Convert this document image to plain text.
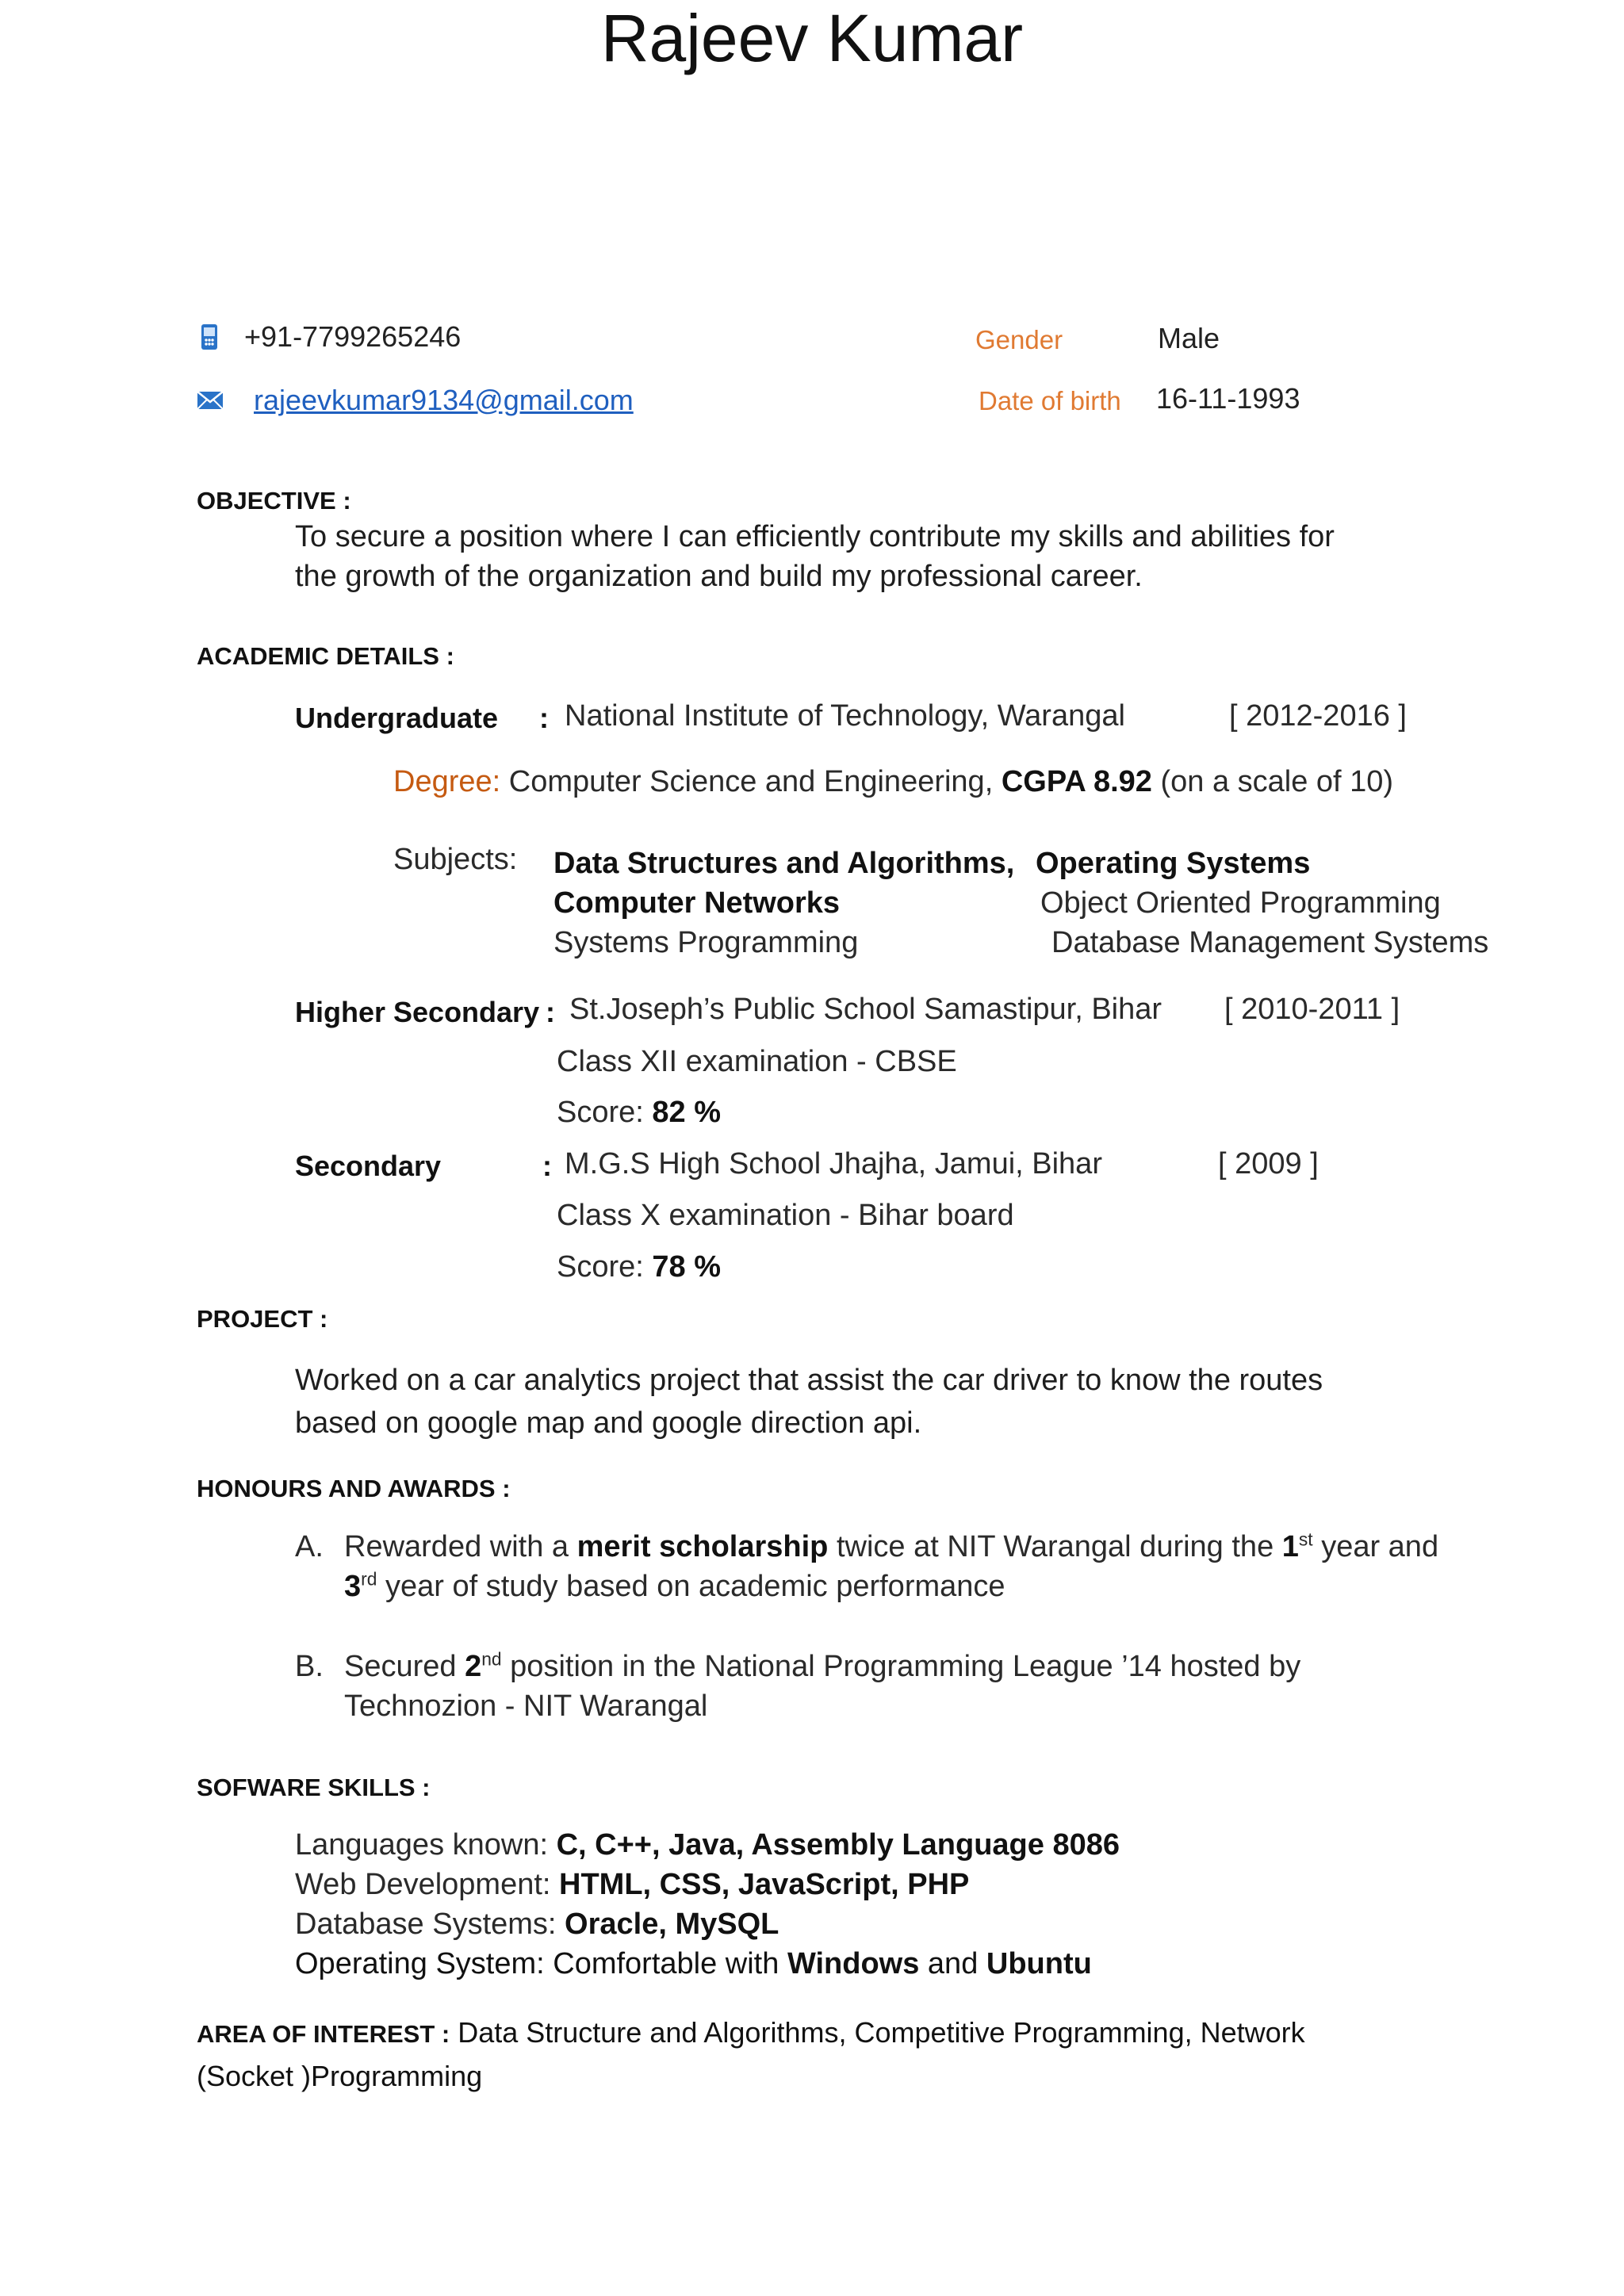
Rajeev Kumar
+91-7799265246
rajeevkumar9134@gmail.com
Gender	Male
Date of birth 16-11-1993
OBJECTIVE :
To secure a position where I can efficiently contribute my skills and abilities for
the growth of the organization and build my professional career.
ACADEMIC DETAILS :
Undergraduate : National Institute of Technology, Warangal	[ 2012-2016 ]
Degree: Computer Science and Engineering, CGPA 8.92 (on a scale of 10)
Subjects: Data Structures and Algorithms, Operating Systems
Computer Networks	Object Oriented Programming
Systems Programming	Database Management Systems
Higher Secondary : St.Joseph’s Public School Samastipur, Bihar [ 2010-2011 ]
Class XII examination - CBSE
Score: 82 %
Secondary	: M.G.S High School Jhajha, Jamui, Bihar	[ 2009 ]
Class X examination - Bihar board
Score: 78 %
PROJECT :
Worked on a car analytics project that assist the car driver to know the routes
based on google map and google direction api.
HONOURS AND AWARDS :
A. Rewarded with a merit scholarship twice at NIT Warangal during the 1st year and
3rd year of study based on academic performance
B. Secured 2nd position in the National Programming League ’14 hosted by
Technozion - NIT Warangal
SOFWARE SKILLS :
Languages known: C, C++, Java, Assembly Language 8086
Web Development: HTML, CSS, JavaScript, PHP
Database Systems: Oracle, MySQL
Operating System: Comfortable with Windows and Ubuntu
AREA OF INTEREST : Data Structure and Algorithms, Competitive Programming, Network
(Socket )Programming
